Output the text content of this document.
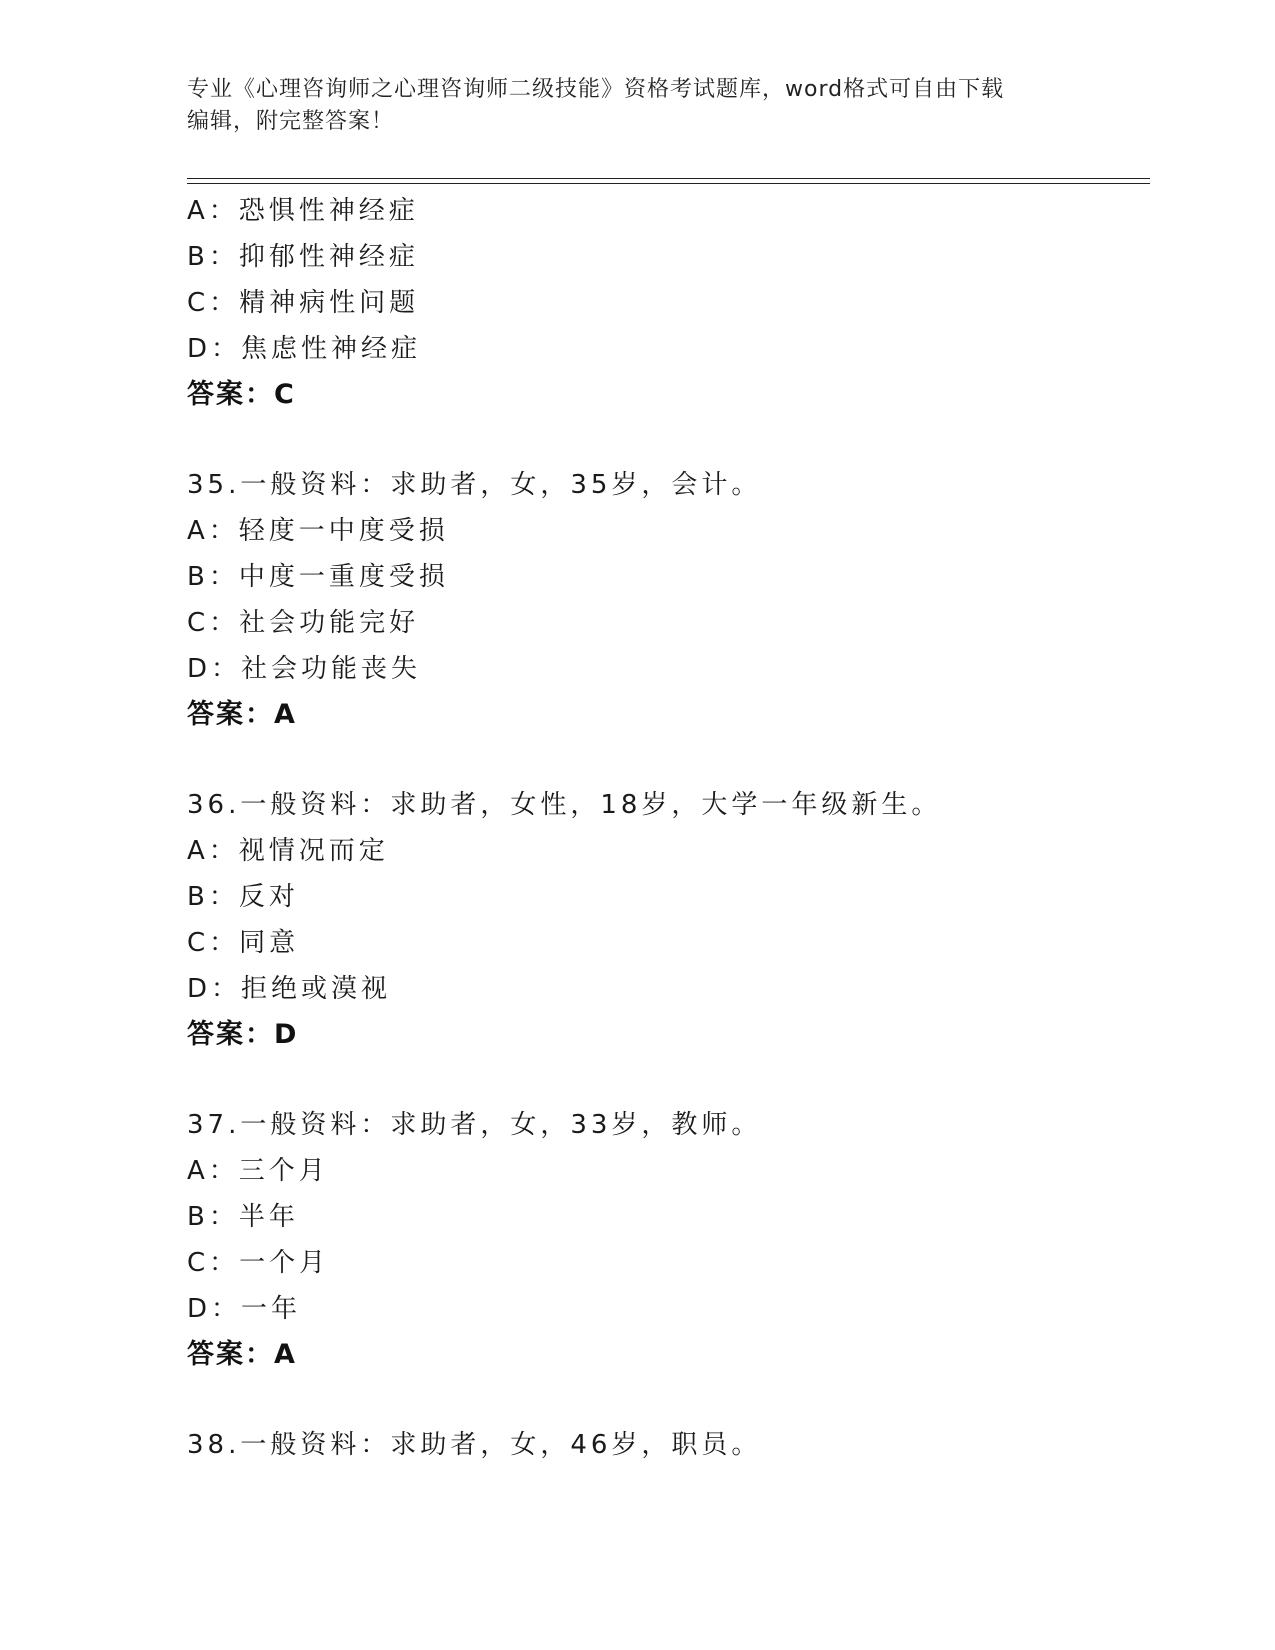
专业《心理咨询师之心理咨询师二级技能》资格考试题库，word格式可自由下载
编辑，附完整答案！
A：恐惧性神经症
B：抑郁性神经症
C：精神病性问题
D：焦虑性神经症
答案：C
35.一般资料：求助者，女，35岁，会计。
A：轻度一中度受损
B：中度一重度受损
C：社会功能完好
D：社会功能丧失
答案：A
36.一般资料：求助者，女性，18岁，大学一年级新生。
A：视情况而定
B：反对
C：同意
D：拒绝或漠视
答案：D
37.一般资料：求助者，女，33岁，教师。
A：三个月
B：半年
C：一个月
D：一年
答案：A
38.一般资料：求助者，女，46岁，职员。
